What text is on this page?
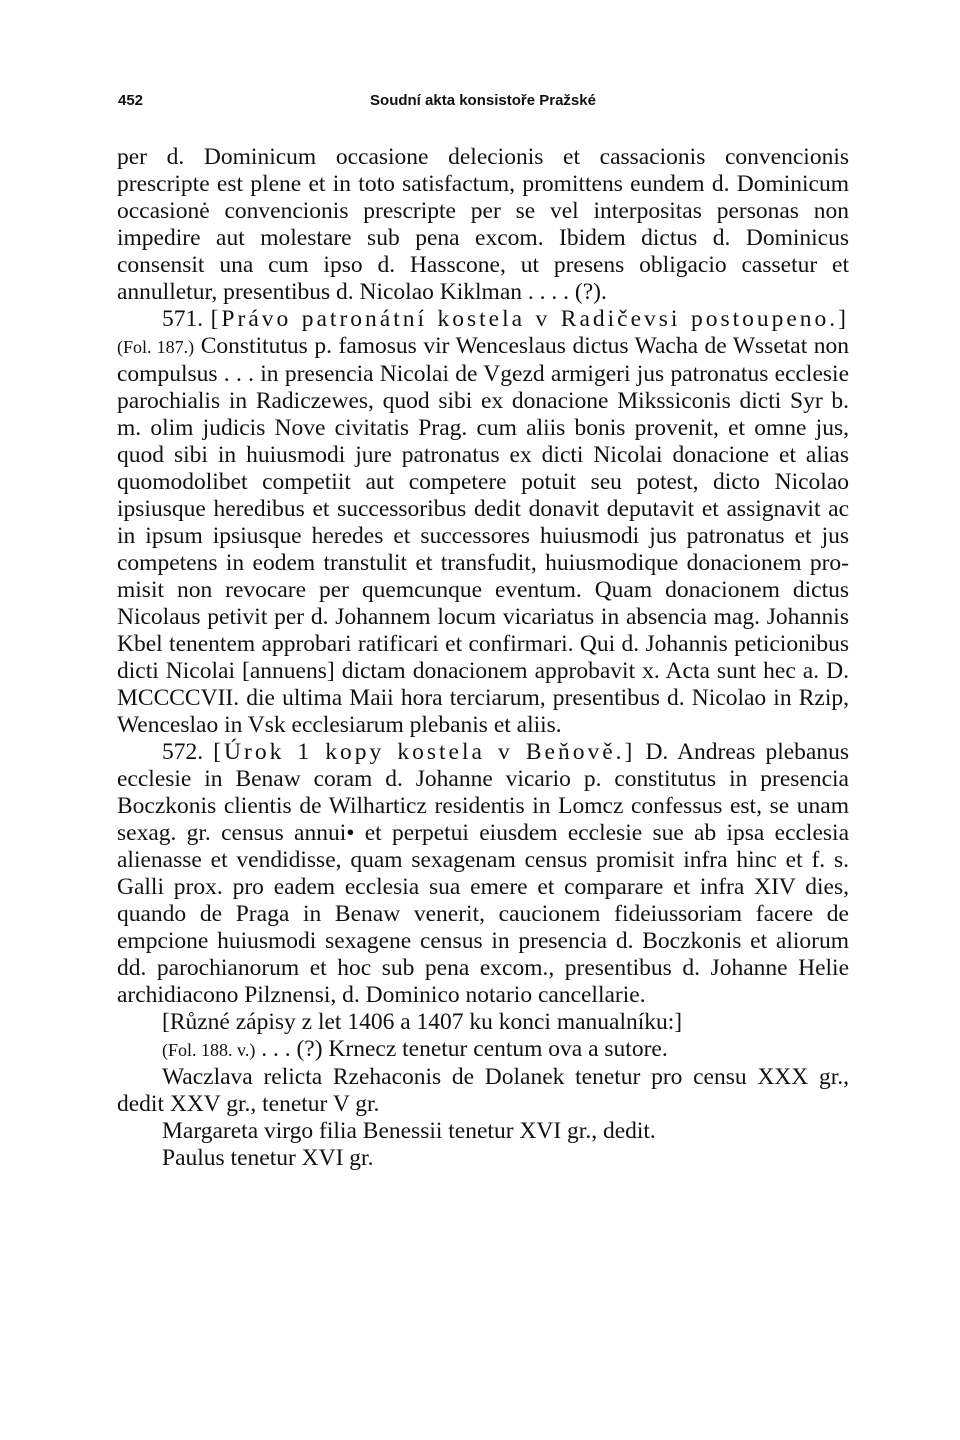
452	Soudní akta konsistoře Pražské

per d. Dominicum occasione delecionis et cassacionis convencionis prescripte est plene et in toto satisfactum, promittens eundem d. Dominicum occasionė convencionis prescripte per se vel interpositas personas non impedire aut molestare sub pena excom. Ibidem dictus d. Dominicus consensit una cum ipso d. Hasscone, ut presens obligacio cassetur et annulletur, presentibus d. Nicolao Kiklman . . . . (?).

571. [Právo patronátní kostela v Radičevsi postoupeno.] (Fol. 187.) Constitutus p. famosus vir Wenceslaus dictus Wacha de Wssetat non compulsus . . . in presencia Nicolai de Vgezd armigeri jus patronatus ecclesie parochialis in Radiczewes, quod sibi ex donacione Mikssiconis dicti Syr b. m. olim judicis Nove civitatis Prag. cum aliis bonis provenit, et omne jus, quod sibi in huiusmodi jure patronatus ex dicti Nicolai donacione et alias quomodolibet competiit aut competere potuit seu potest, dicto Nicolao ipsiusque heredibus et successoribus dedit donavit deputavit et assignavit ac in ipsum ipsiusque heredes et successores huiusmodi jus patronatus et jus competens in eodem transtulit et transfudit, huiusmodique donacionem promisit non revocare per quemcunque eventum. Quam donacionem dictus Nicolaus petivit per d. Johannem locum vicariatus in absencia mag. Johannis Kbel tenentem approbari ratificari et confirmari. Qui d. Johannis peticionibus dicti Nicolai [annuens] dictam donacionem approbavit x. Acta sunt hec a. D. MCCCCVII. die ultima Maii hora terciarum, presentibus d. Nicolao in Rzip, Wenceslao in Vsk ecclesiarum plebanis et aliis.

572. [Úrok 1 kopy kostela v Beňově.] D. Andreas plebanus ecclesie in Benaw coram d. Johanne vicario p. constitutus in presencia Boczkonis clientis de Wilharticz residentis in Lomcz confessus est, se unam sexag. gr. census annui• et perpetui eiusdem ecclesie sue ab ipsa ecclesia alienasse et vendidisse, quam sexagenam census promisit infra hinc et f. s. Galli prox. pro eadem ecclesia sua emere et comparare et infra XIV dies, quando de Praga in Benaw venerit, caucionem fideiussoriam facere de empcione huiusmodi sexagene census in presencia d. Boczkonis et aliorum dd. parochianorum et hoc sub pena excom., presentibus d. Johanne Helie archidiacono Pilznensi, d. Dominico notario cancellarie.

[Různé zápisy z let 1406 a 1407 ku konci manualníku:]

(Fol. 188. v.) . . . (?) Krnecz tenetur centum ova a sutore.

Waczlava relicta Rzehaconis de Dolanek tenetur pro censu XXX gr., dedit XXV gr., tenetur V gr.

Margareta virgo filia Benessii tenetur XVI gr., dedit.

Paulus tenetur XVI gr.
